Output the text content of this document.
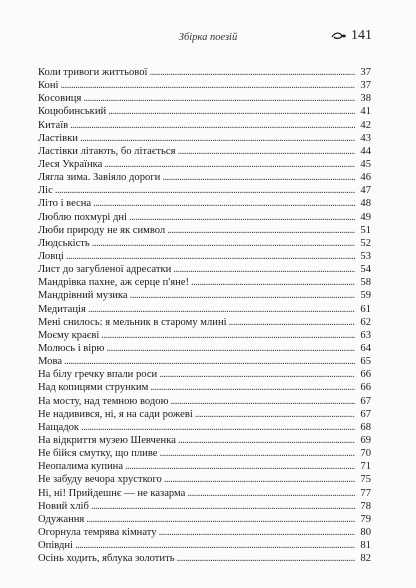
Збірка поезій	141
Коли тривоги життьової . . .	37
Коні . . .	37
Косовиця . . .	38
Коцюбинський . . .	41
Китаїв . . .	42
Ластівки . . .	43
Ластівки літають, бо літається . . .	44
Леся Українка . . .	45
Лягла зима. Завіяло дороги . . .	46
Ліс . . .	47
Літо і весна . . .	48
Люблю похмурі дні . . .	49
Люби природу не як символ . . .	51
Людськість . . .	52
Ловці . . .	53
Лист до загубленої адресатки . . .	54
Мандрівка пахне, аж серце п'яне! . . .	58
Мандрівний музика . . .	59
Медитація . . .	61
Мені снилось: я мельник в старому млині . . .	62
Моєму краєві . . .	63
Молюсь і вірю . . .	64
Мова . . .	65
На білу гречку впали роси . . .	66
Над копицями струнким . . .	66
На мосту, над темною водою . . .	67
Не надивився, ні, я на сади рожеві . . .	67
Нащадок . . .	68
На відкриття музею Шевченка . . .	69
Не бійся смутку, що пливе . . .	70
Неопалима купина . . .	71
Не забуду вечора хрусткого . . .	75
Ні, ні! Прийдешнє — не казарма . . .	77
Новий хліб . . .	78
Одужання . . .	79
Огорнула темрява кімнату . . .	80
Опівдні . . .	81
Осінь ходить, яблука золотить . . .	82
